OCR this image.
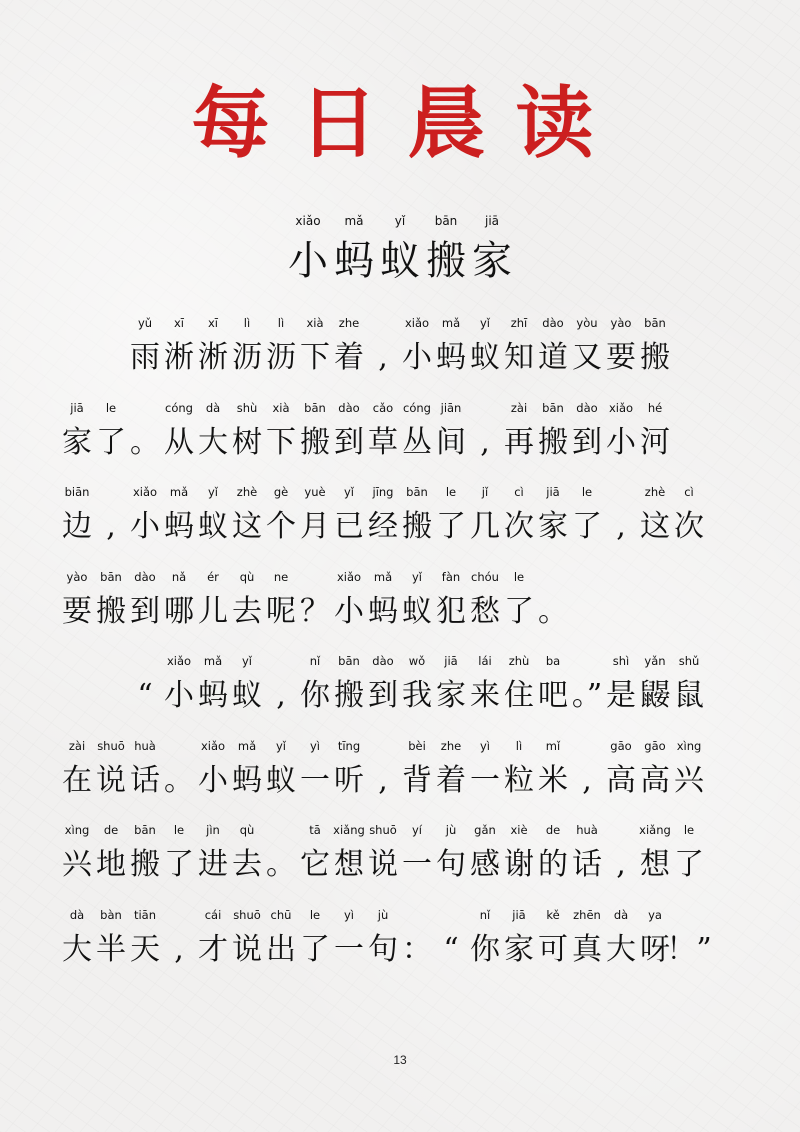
每日晨读
xiǎo
小
mǎ
蚂
yǐ
蚁
bān
搬
jiā
家
yǔ
雨
xī
淅
xī
淅
lì
沥
lì
沥
xià
下
zhe
着 ,
xiǎo
小
mǎ
蚂
yǐ
蚁
zhī
知
dào
道
yòu
又
yào
要
bān
搬
jiā
家
le
了 。
cóng
从
dà
大
shù
树
xià
下
bān
搬
dào
到
cǎo
草
cóng
丛
jiān
间 ,
zài
再
bān
搬
dào
到
xiǎo
小
hé
河
biān
边 ,
xiǎo
小
mǎ
蚂
yǐ
蚁
zhè
这
gè
个
yuè
月
yǐ
已
jīng
经
bān
搬
le
了
jǐ
几
cì
次
jiā
家
le
了 ,
zhè
这
cì
次
yào
要
bān
搬
dào
到
nǎ
哪
ér
儿
qù
去
ne
呢 ？
xiǎo
小
mǎ
蚂
yǐ
蚁
fàn
犯
chóu
愁
le
了 。
“
xiǎo
小
mǎ
蚂
yǐ
蚁 ,
nǐ
你
bān
搬
dào
到
wǒ
我
jiā
家
lái
来
zhù
住
ba
吧 。”
shì
是
yǎn
鼹
shǔ
鼠
zài
在
shuō
说
huà
话 。
xiǎo
小
mǎ
蚂
yǐ
蚁
yì
一
tīng
听 ,
bèi
背
zhe
着
yì
一
lì
粒
mǐ
米 ,
gāo
高
gāo
高
xìng
兴
xìng
兴
de
地
bān
搬
le
了
jìn
进
qù
去 。
tā
它
xiǎng
想
shuō
说
yí
一
jù
句
gǎn
感
xiè
谢
de
的
huà
话 ,
xiǎng
想
le
了
dà
大
bàn
半
tiān
天 ,
cái
才
shuō
说
chū
出
le
了
yì
一
jù
句 ： “
nǐ
你
jiā
家
kě
可
zhēn
真
dà
大
ya
呀
！”
13
